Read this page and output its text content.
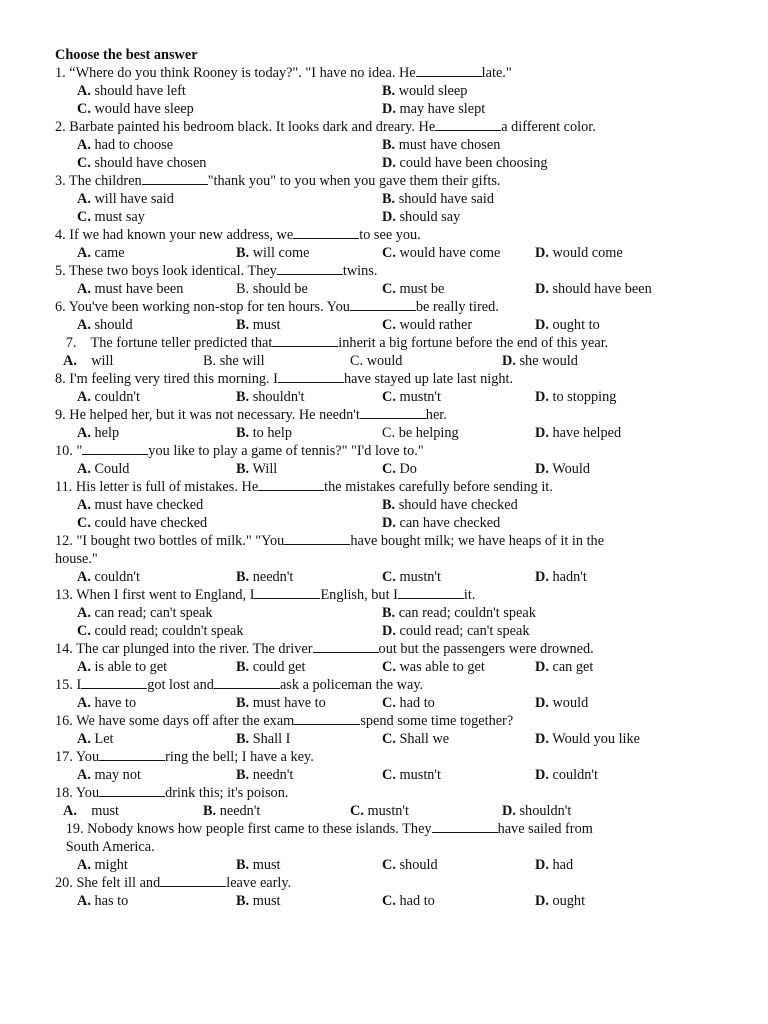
Choose the best answer
1. “Where do you think Rooney is today?". "I have no idea. He	late."
A. should have left	B. would sleep
C. would have sleep	D. may have slept
2. Barbate painted his bedroom black. It looks dark and dreary. He	a different color.
A. had to choose	B. must have chosen
C. should have chosen	D. could have been choosing
3. The children	"thank you" to you when you gave them their gifts.
A. will have said	B. should have said
C. must say	D. should say
4. If we had known your new address, we	to see you.
A. came	B. will come	C. would have come D. would come
5. These two boys look identical. They	twins.
A. must have been	B. should be	C. must be	D. should have been
6. You've been working non-stop for ten hours. You	be really tired.
A. should	B. must	C. would rather	D. ought to
7.    The fortune teller predicted that	inherit a big fortune before the end of this year.
A.    will	B. she will	C. would	D. she would
8. I'm feeling very tired this morning. I	have stayed up late last night.
A. couldn't	B. shouldn't	C. mustn't	D. to stopping
9. He helped her, but it was not necessary. He needn't	her.
A. help	B. to help	C. be helping	D. have helped
10. "	you like to play a game of tennis?" "I'd love to."
A. Could	B. Will	C. Do	D. Would
11. His letter is full of mistakes. He	the mistakes carefully before sending it.
A. must have checked	B. should have checked
C. could have checked	D. can have checked
12. "I bought two bottles of milk." "You	have bought milk; we have heaps of it in the
house."
A. couldn't	B. needn't	C. mustn't	D. hadn't
13. When I first went to England, I	English, but I	it.
A. can read; can't speak	B. can read; couldn't speak
C. could read; couldn't speak	D. could read; can't speak
14. The car plunged into the river. The driver	out but the passengers were drowned.
A. is able to get	B. could get	C. was able to get	D. can get
15. I	got lost and	ask a policeman the way.
A. have to	B. must have to	C. had to	D. would
16. We have some days off after the exam	spend some time together?
A. Let	B. Shall I	C. Shall we	D. Would you like
17. You	ring the bell; I have a key.
A. may not	B. needn't	C. mustn't	D. couldn't
18. You	drink this; it's poison.
A.    must	B. needn't	C. mustn't	D. shouldn't
19. Nobody knows how people first came to these islands. They	have sailed from
South America.
A. might	B. must	C. should	D. had
20. She felt ill and	leave early.
A. has to	B. must	C. had to	D. ought
